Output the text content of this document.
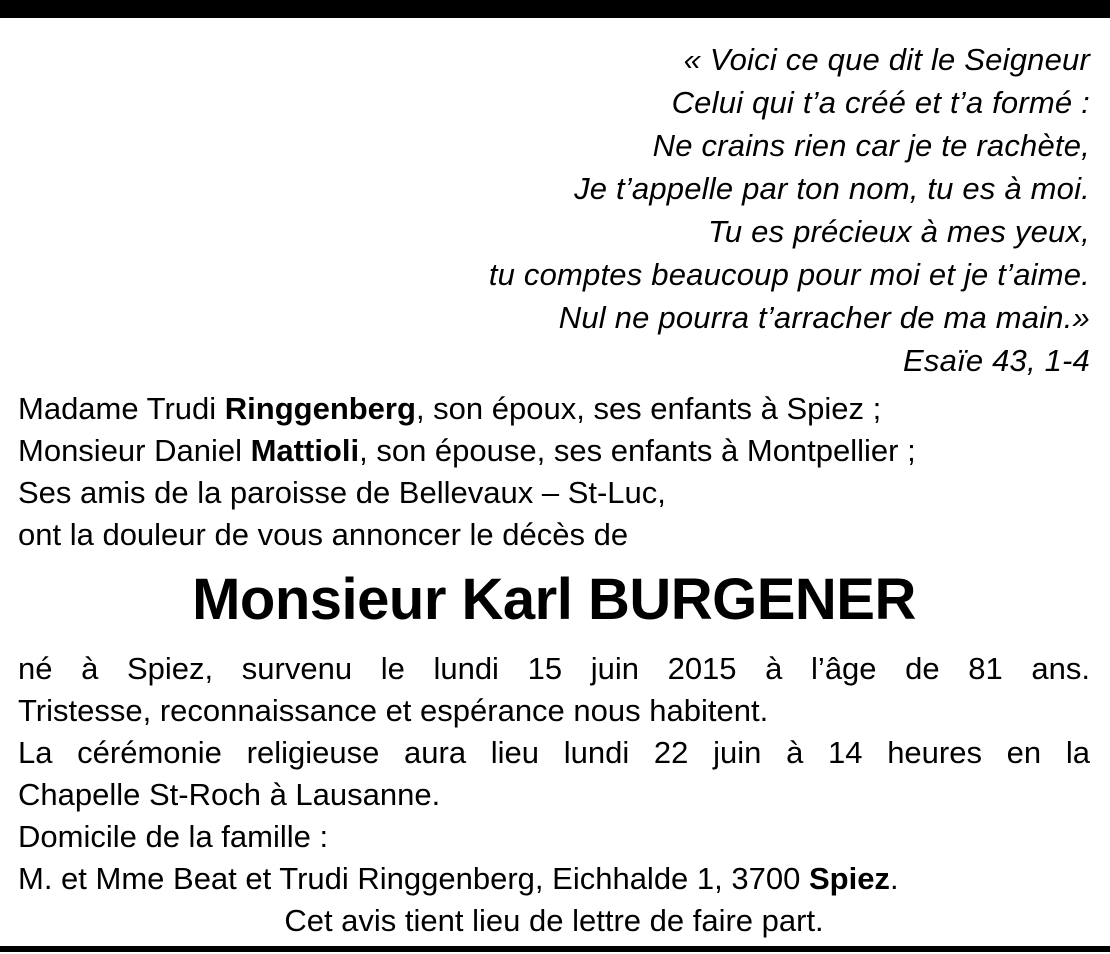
« Voici ce que dit le Seigneur
Celui qui t’a créé et t’a formé :
Ne crains rien car je te rachète,
Je t’appelle par ton nom, tu es à moi.
Tu es précieux à mes yeux,
tu comptes beaucoup pour moi et je t’aime.
Nul ne pourra t’arracher de ma main.»
Esaïe 43, 1-4
Madame Trudi Ringgenberg, son époux, ses enfants à Spiez ;
Monsieur Daniel Mattioli, son épouse, ses enfants à Montpellier ;
Ses amis de la paroisse de Bellevaux – St-Luc,
ont la douleur de vous annoncer le décès de
Monsieur Karl BURGENER
né à Spiez, survenu le lundi 15 juin 2015 à l’âge de 81 ans.
Tristesse, reconnaissance et espérance nous habitent.
La cérémonie religieuse aura lieu lundi 22 juin à 14 heures en la
Chapelle St-Roch à Lausanne.
Domicile de la famille :
M. et Mme Beat et Trudi Ringgenberg, Eichhalde 1, 3700 Spiez.
Cet avis tient lieu de lettre de faire part.
